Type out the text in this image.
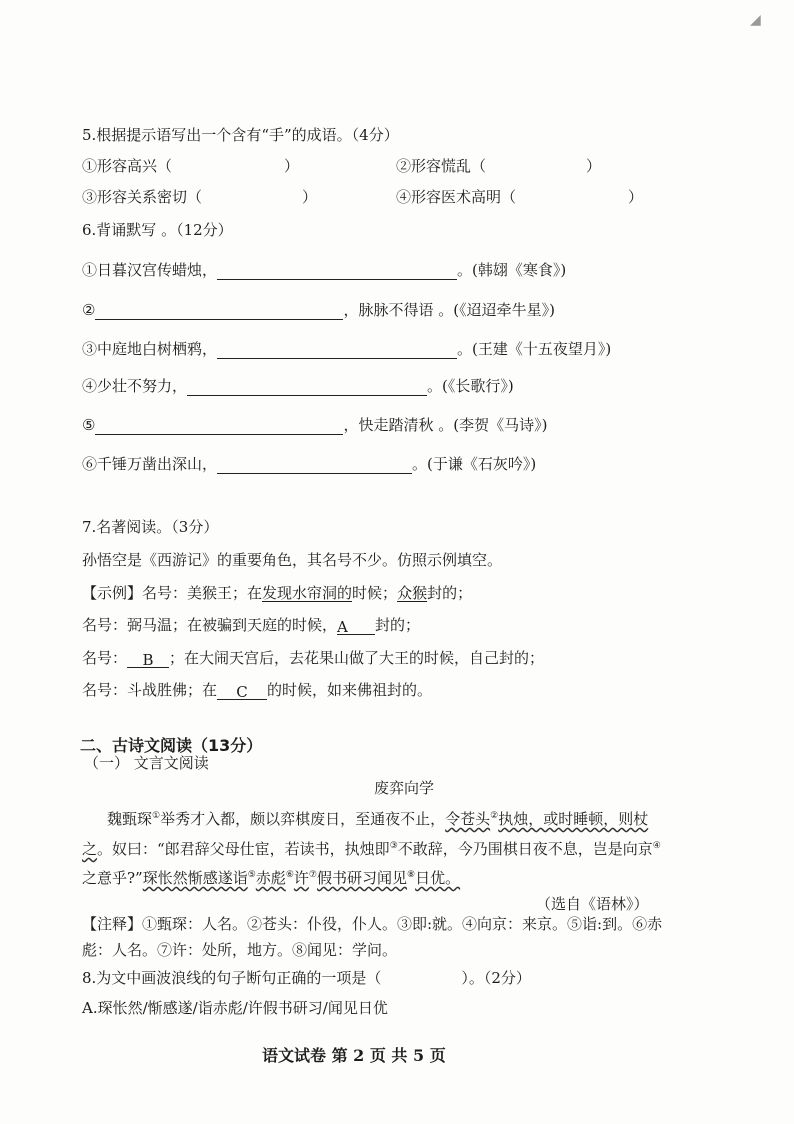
◢
5.根据提示语写出一个含有“手”的成语。（4分）
①形容高兴（	）	②形容慌乱（	）
③形容关系密切（	）	④形容医术高明（	）
6.背诵默写 。（12分）
①日暮汉宫传蜡烛，	。(韩翃《寒食》)
②	，脉脉不得语 。(《迢迢牵牛星》)
③中庭地白树栖鸦，	。(王建《十五夜望月》)
④少壮不努力，	。(《长歌行》)
⑤	，快走踏清秋 。(李贺《马诗》)
⑥千锤万凿出深山，	。(于谦《石灰吟》)
7.名著阅读。（3分）
孙悟空是《西游记》的重要角色，其名号不少。仿照示例填空。
【示例】名号：美猴王；在发现水帘洞的时候；众猴封的；
名号：弼马温；在被骗到天庭的时候，A 封的；
名号： B ；在大闹天宫后，去花果山做了大王的时候，自己封的；
名号：斗战胜佛；在 C 的时候，如来佛祖封的。
二、古诗文阅读（13分）
（一） 文言文阅读
废弈向学
魏甄琛①举秀才入都，颇以弈棋废日，至通夜不止，令苍头②执烛，或时睡顿，则杖
之。奴曰：“郎君辞父母仕宦，若读书，执烛即③不敢辞，今乃围棋日夜不息，岂是向京④
之意乎?”琛怅然惭感遂诣⑤赤彪⑥许⑦假书研习闻见⑧日优。
（选自《语林》）
【注释】①甄琛：人名。②苍头：仆役，仆人。③即:就。④向京：来京。⑤诣:到。⑥赤
彪：人名。⑦许：处所，地方。⑧闻见：学问。
8.为文中画波浪线的句子断句正确的一项是（	）。（2分）
A.琛怅然/惭感遂/诣赤彪/许假书研习/闻见日优
语文试卷 第 2 页 共 5 页
